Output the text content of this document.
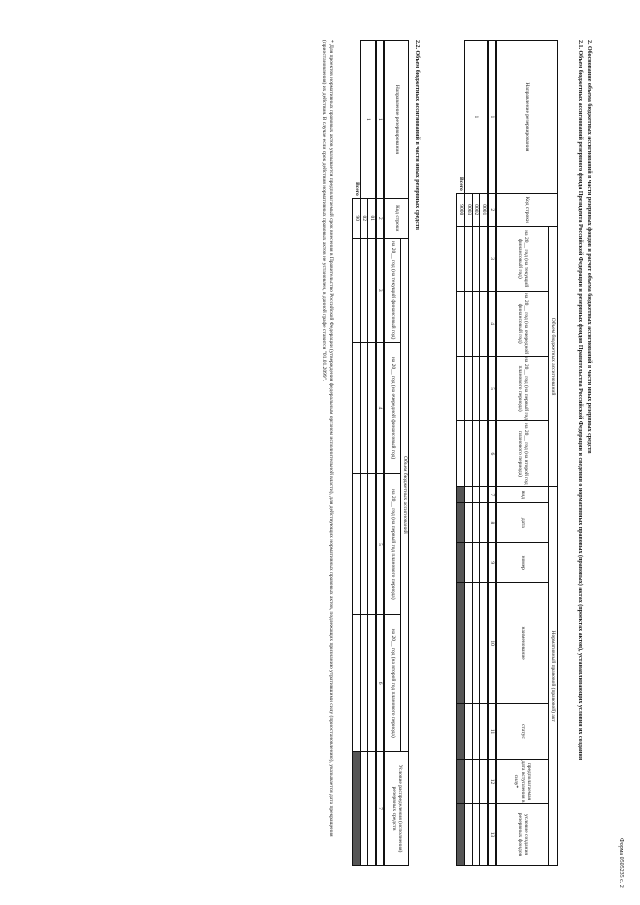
Форма 0505235 с. 2
2. Обоснование объема бюджетных ассигнований в части резервных фондов и расчет объема бюджетных ассигнований в части иных резервных средств
2.1. Объем бюджетных ассигнований резервного фонда Президента Российской Федерации и резервных фондов Правительства Российской Федерации и сведения о нормативных правовых (правовых) актах (проектах актов), устанавливающих условия их создания
Направление резервирования	Код строки	Объем бюджетных ассигнований				Нормативный правовой (правовой) акт						
		на 20__ год (на текущий финансовый год)	на 20__ год (на очередной финансовый год)	на 20__ год (на первый год планового периода)	на 20__ год (на второй год планового периода)	вид	дата	номер	наименование	статус	предполагаемая дата вступления в силу*	условие создания резервных фондов
1	2	3	4	5	6	7	8	9	10	11	12	13
1	0001											
	0002											
	0003											
Всего	9000											
2.2. Объем бюджетных ассигнований в части иных резервных средств
Направление резервирования	Код строки	Объем бюджетных ассигнований				Условие распределения (исполнения) резервных средств
		на 20__ год (на текущий финансовый год)	на 20__ год (на очередной финансовый год)	на 20__ год (на первый год планового периода)	на 20__ год (на второй год планового периода)	
1	2	3	4	5	6	7
1	01					
	02					
Всего	90					
* Для проектов нормативных правовых актов указывается предполагаемый срок внесения в Правительство Российской Федерации (утверждения федеральным органом исполнительной власти), для действующих нормативных правовых актов, подлежащих признанию утратившими силу (приостановлению), указывается дата прекращения (приостановления) их действия. В случае если срок действия нормативных правовых актов не установлен, в данной графе ставится "01.01.2099".
